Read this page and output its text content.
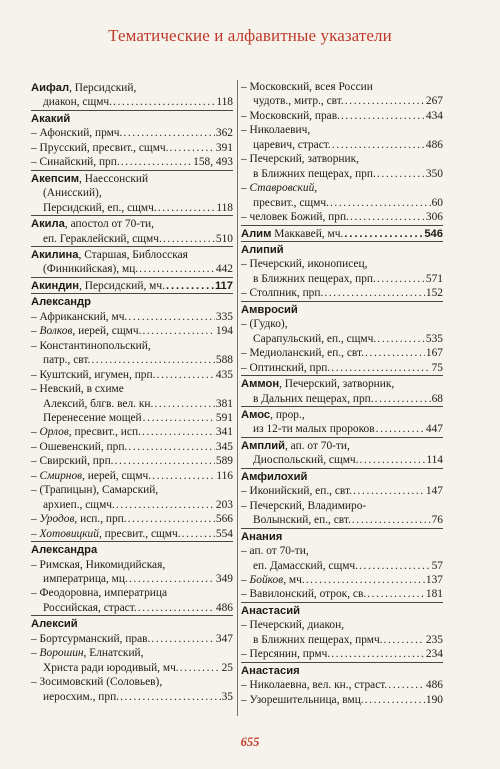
Тематические и алфавитные указатели
Аифал, Персидский,
диакон, сщмч. . . .	118
Акакий
– Афонский, прмч. . . .	362
– Прусский, пресвит., сщмч. . . .	391
– Синайский, прп. . . .	158, 493
Акепсим, Наессонский
(Анисский),
Персидский, еп., сщмч. . . .	118
Акила, апостол от 70-ти,
еп. Гераклейский, сщмч. . . .	510
Акилина, Старшая, Библосская
(Финикийская), мц. . . .	442
Акиндин, Персидский, мч. . . .	117
Александр
– Африканский, мч. . . .	335
– Волков, иерей, сщмч. . . .	194
– Константинопольский,
патр., свт. . . .	588
– Куштский, игумен, прп. . . .	435
– Невский, в схиме
Алексий, блгв. вел. кн. . . .	381
Перенесение мощей . . .	591
– Орлов, пресвит., исп. . . .	341
– Ошевенский, прп. . . .	345
– Свирский, прп. . . .	589
– Смирнов, иерей, сщмч. . . .	116
– (Трапицын), Самарский,
архиеп., сщмч. . . .	203
– Уродов, исп., прп. . . .	566
– Хотовицкий, пресвит., сщмч. . . .	554
Александра
– Римская, Никомидийская,
императрица, мц. . . .	349
– Феодоровна, императрица
Российская, страст. . . .	486
Алексий
– Бортсурманский, прав. . . .	347
– Ворошин, Елнатский,
Христа ради юродивый, мч. . . .	25
– Зосимовский (Соловьев),
иеросхим., прп. . . .	35
– Московский, всея России
чудотв., митр., свт. . . .	267
– Московский, прав. . . .	434
– Николаевич,
царевич, страст. . . .	486
– Печерский, затворник,
в Ближних пещерах, прп. . . .	350
– Ставровский,
пресвит., сщмч. . . .	60
– человек Божий, прп. . . .	306
Алим Маккавей, мч. . . .	546
Алипий
– Печерский, иконописец,
в Ближних пещерах, прп. . . .	571
– Столпник, прп. . . .	152
Амвросий
– (Гудко),
Сарапульский, еп., сщмч. . . .	535
– Медиоланский, еп., свт. . . .	167
– Оптинский, прп. . . .	75
Аммон, Печерский, затворник,
в Дальних пещерах, прп. . . .	68
Амос, прор.,
из 12-ти малых пророков . . .	447
Амплий, ап. от 70-ти,
Диоспольский, сщмч. . . .	114
Амфилохий
– Иконийский, еп., свт. . . .	147
– Печерский, Владимиро-
Волынский, еп., свт. . . .	76
Анания
– ап. от 70-ти,
еп. Дамасский, сщмч. . . .	57
– Бойков, мч. . . .	137
– Вавилонский, отрок, св. . . .	181
Анастасий
– Печерский, диакон,
в Ближних пещерах, прмч. . . .	235
– Персянин, прмч. . . .	234
Анастасия
– Николаевна, вел. кн., страст. . . .	486
– Узорешительница, вмц. . . .	190
655
